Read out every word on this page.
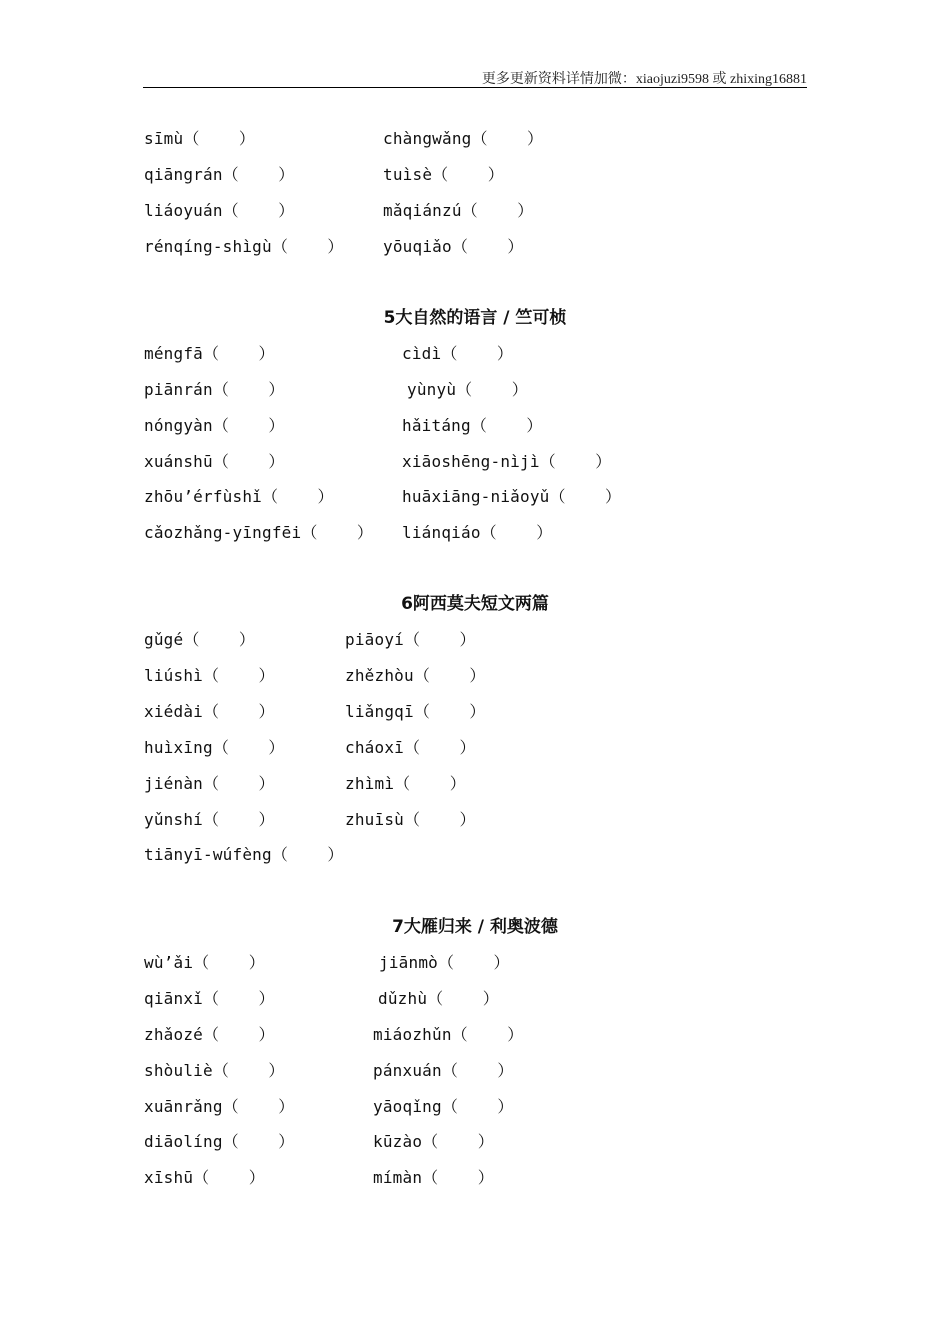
更多更新资料详情加微：xiaojuzi9598 或 zhixing16881
sīmù（    ）	chàngwǎng（    ）
qiāngrán（    ）	tuìsè（    ）
liáoyuán（    ）	mǎqiánzú（    ）
rénqíng-shìgù（    ） yōuqiǎo（    ）
5大自然的语言 / 竺可桢
méngfā（    ）	cìdì（    ）
piānrán（    ）	yùnyù（    ）
nóngyàn（    ）	hǎitáng（    ）
xuánshū（    ）	xiāoshēng-nìjì（    ）
zhōu’érfùshǐ（    ）	huāxiāng-niǎoyǔ（    ）
cǎozhǎng-yīngfēi（    ） liánqiáo（    ）
6阿西莫夫短文两篇
gǔgé（    ）	piāoyí（    ）
liúshì（    ）	zhězhòu（    ）
xiédài（    ）	liǎngqī（    ）
huìxīng（    ）	cháoxī（    ）
jiénàn（    ）	zhìmì（    ）
yǔnshí（    ）	zhuīsù（    ）
tiānyī-wúfèng（    ）
7大雁归来 / 利奥波德
wù’ǎi（    ）	jiānmò（    ）
qiānxǐ（    ）	dǔzhù（    ）
zhǎozé（    ）	miáozhǔn（    ）
shòuliè（    ）	pánxuán（    ）
xuānrǎng（    ）	yāoqǐng（    ）
diāolíng（    ）	kūzào（    ）
xīshū（    ）	mímàn（    ）
